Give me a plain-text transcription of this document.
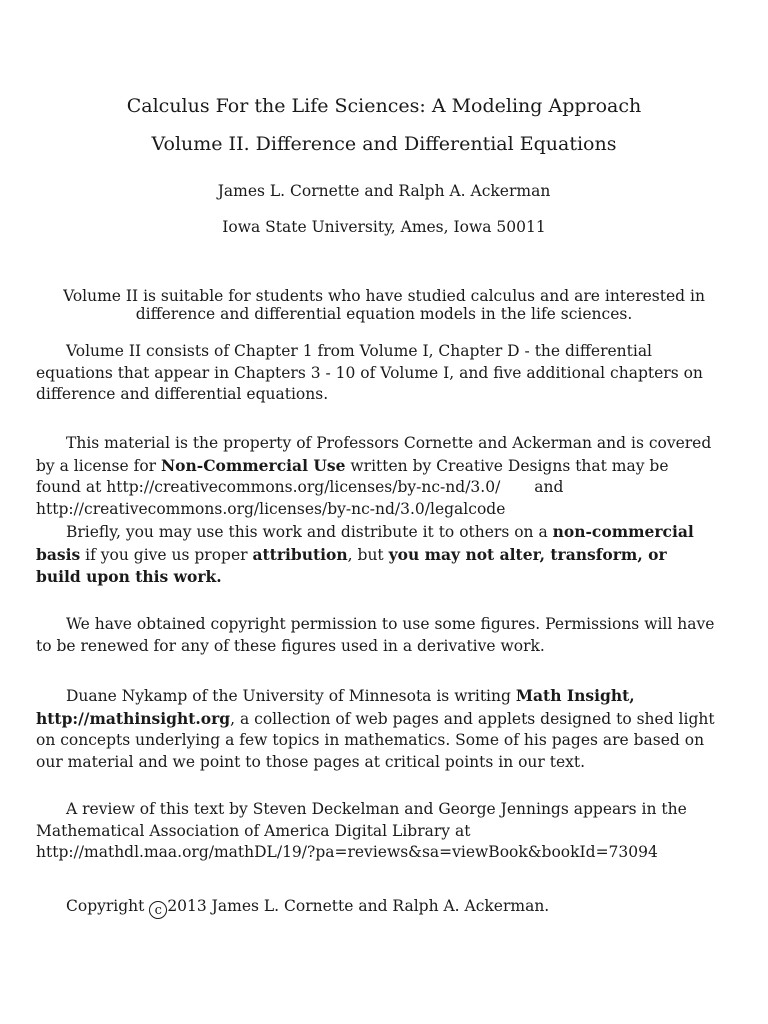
Calculus For the Life Sciences: A Modeling Approach
Volume II. Difference and Differential Equations
James L. Cornette and Ralph A. Ackerman
Iowa State University, Ames, Iowa 50011
Volume II is suitable for students who have studied calculus and are interested in
difference and differential equation models in the life sciences.
Volume II consists of Chapter 1 from Volume I, Chapter D - the differential
equations that appear in Chapters 3 - 10 of Volume I, and five additional chapters on
difference and differential equations.
This material is the property of Professors Cornette and Ackerman and is covered
by a license for Non-Commercial Use written by Creative Designs that may be
found at http://creativecommons.org/licenses/by-nc-nd/3.0/ and
http://creativecommons.org/licenses/by-nc-nd/3.0/legalcode
Briefly, you may use this work and distribute it to others on a non-commercial
basis if you give us proper attribution, but you may not alter, transform, or
build upon this work.
We have obtained copyright permission to use some figures. Permissions will have
to be renewed for any of these figures used in a derivative work.
Duane Nykamp of the University of Minnesota is writing Math Insight,
http://mathinsight.org, a collection of web pages and applets designed to shed light
on concepts underlying a few topics in mathematics. Some of his pages are based on
our material and we point to those pages at critical points in our text.
A review of this text by Steven Deckelman and George Jennings appears in the
Mathematical Association of America Digital Library at
http://mathdl.maa.org/mathDL/19/?pa=reviews&sa=viewBook&bookId=73094
Copyright c 2013 James L. Cornette and Ralph A. Ackerman.
